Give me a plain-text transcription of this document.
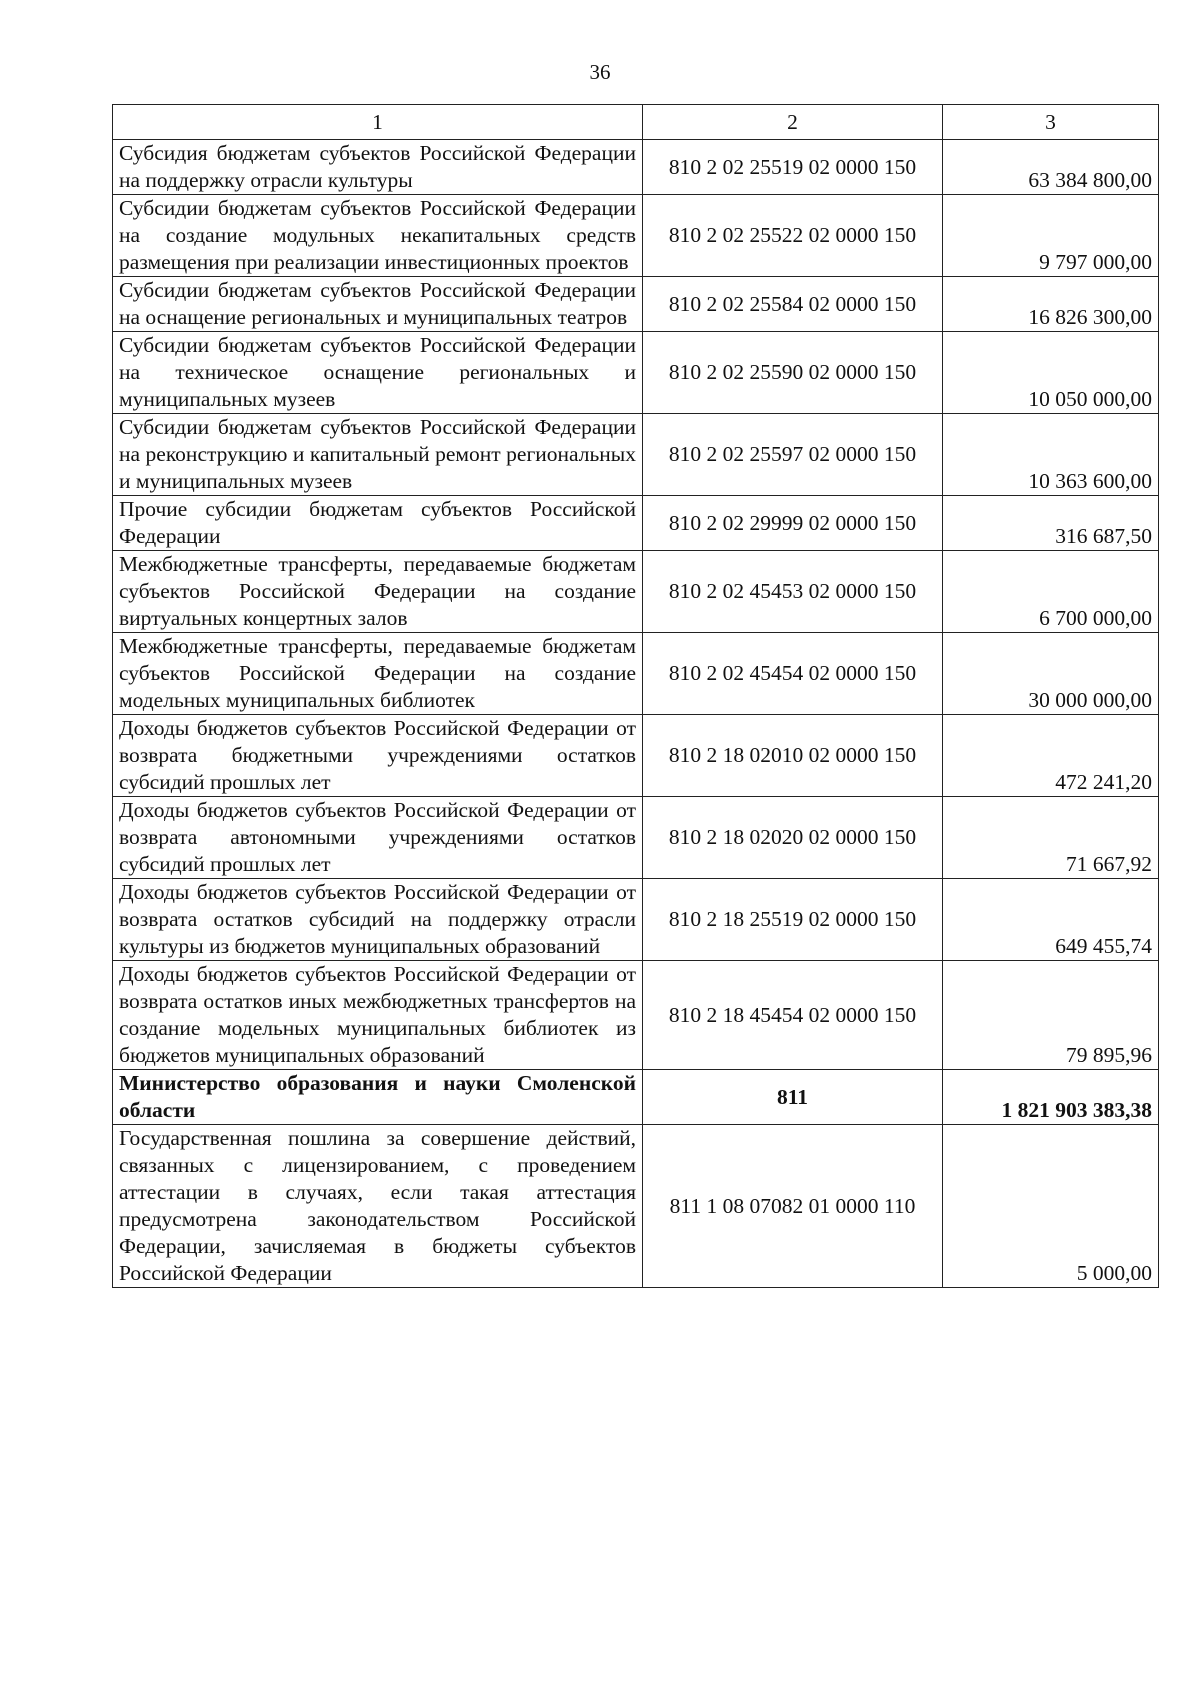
36
1	2	3
Субсидия бюджетам субъектов Российской Федерации на поддержку отрасли культуры	810 2 02 25519 02 0000 150	63 384 800,00
Субсидии бюджетам субъектов Российской Федерации на создание модульных некапитальных средств размещения при реализации инвестиционных проектов	810 2 02 25522 02 0000 150	9 797 000,00
Субсидии бюджетам субъектов Российской Федерации на оснащение региональных и муниципальных театров	810 2 02 25584 02 0000 150	16 826 300,00
Субсидии бюджетам субъектов Российской Федерации на техническое оснащение региональных и муниципальных музеев	810 2 02 25590 02 0000 150	10 050 000,00
Субсидии бюджетам субъектов Российской Федерации на реконструкцию и капитальный ремонт региональных и муниципальных музеев	810 2 02 25597 02 0000 150	10 363 600,00
Прочие субсидии бюджетам субъектов Российской Федерации	810 2 02 29999 02 0000 150	316 687,50
Межбюджетные трансферты, передаваемые бюджетам субъектов Российской Федерации на создание виртуальных концертных залов	810 2 02 45453 02 0000 150	6 700 000,00
Межбюджетные трансферты, передаваемые бюджетам субъектов Российской Федерации на создание модельных муниципальных библиотек	810 2 02 45454 02 0000 150	30 000 000,00
Доходы бюджетов субъектов Российской Федерации от возврата бюджетными учреждениями остатков субсидий прошлых лет	810 2 18 02010 02 0000 150	472 241,20
Доходы бюджетов субъектов Российской Федерации от возврата автономными учреждениями остатков субсидий прошлых лет	810 2 18 02020 02 0000 150	71 667,92
Доходы бюджетов субъектов Российской Федерации от возврата остатков субсидий на поддержку отрасли культуры из бюджетов муниципальных образований	810 2 18 25519 02 0000 150	649 455,74
Доходы бюджетов субъектов Российской Федерации от возврата остатков иных межбюджетных трансфертов на создание модельных муниципальных библиотек из бюджетов муниципальных образований	810 2 18 45454 02 0000 150	79 895,96
Министерство образования и науки Смоленской области	811	1 821 903 383,38
Государственная пошлина за совершение действий, связанных с лицензированием, с проведением аттестации в случаях, если такая аттестация предусмотрена законодательством Российской Федерации, зачисляемая в бюджеты субъектов Российской Федерации	811 1 08 07082 01 0000 110	5 000,00
